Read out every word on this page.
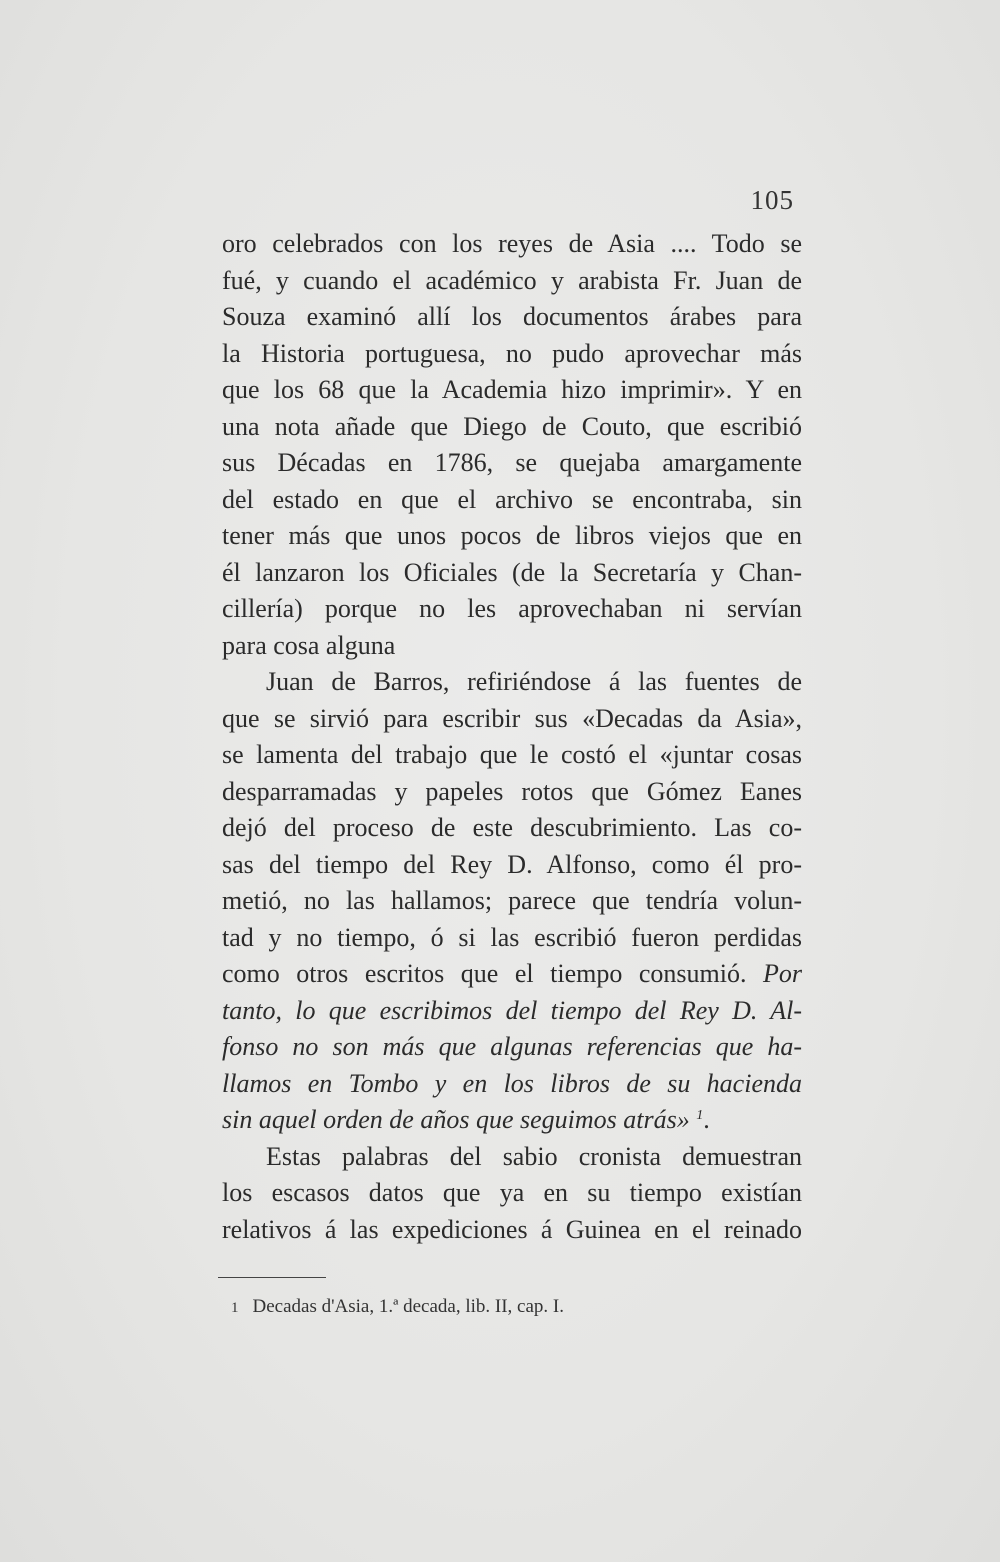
105
oro celebrados con los reyes de Asia .... Todo se
fué, y cuando el académico y arabista Fr. Juan de
Souza examinó allí los documentos árabes para
la Historia portuguesa, no pudo aprovechar más
que los 68 que la Academia hizo imprimir». Y en
una nota añade que Diego de Couto, que escribió
sus Décadas en 1786, se quejaba amargamente
del estado en que el archivo se encontraba, sin
tener más que unos pocos de libros viejos que en
él lanzaron los Oficiales (de la Secretaría y Chan-
cillería) porque no les aprovechaban ni servían
para cosa alguna
Juan de Barros, refiriéndose á las fuentes de
que se sirvió para escribir sus «Decadas da Asia»,
se lamenta del trabajo que le costó el «juntar cosas
desparramadas y papeles rotos que Gómez Eanes
dejó del proceso de este descubrimiento. Las co-
sas del tiempo del Rey D. Alfonso, como él pro-
metió, no las hallamos; parece que tendría volun-
tad y no tiempo, ó si las escribió fueron perdidas
como otros escritos que el tiempo consumió. Por
tanto, lo que escribimos del tiempo del Rey D. Al-
fonso no son más que algunas referencias que ha-
llamos en Tombo y en los libros de su hacienda
sin aquel orden de años que seguimos atrás» $^1$.
Estas palabras del sabio cronista demuestran
los escasos datos que ya en su tiempo existían
relativos á las expediciones á Guinea en el reinado
1 Decadas d'Asia, 1.ª decada, lib. II, cap. I.
